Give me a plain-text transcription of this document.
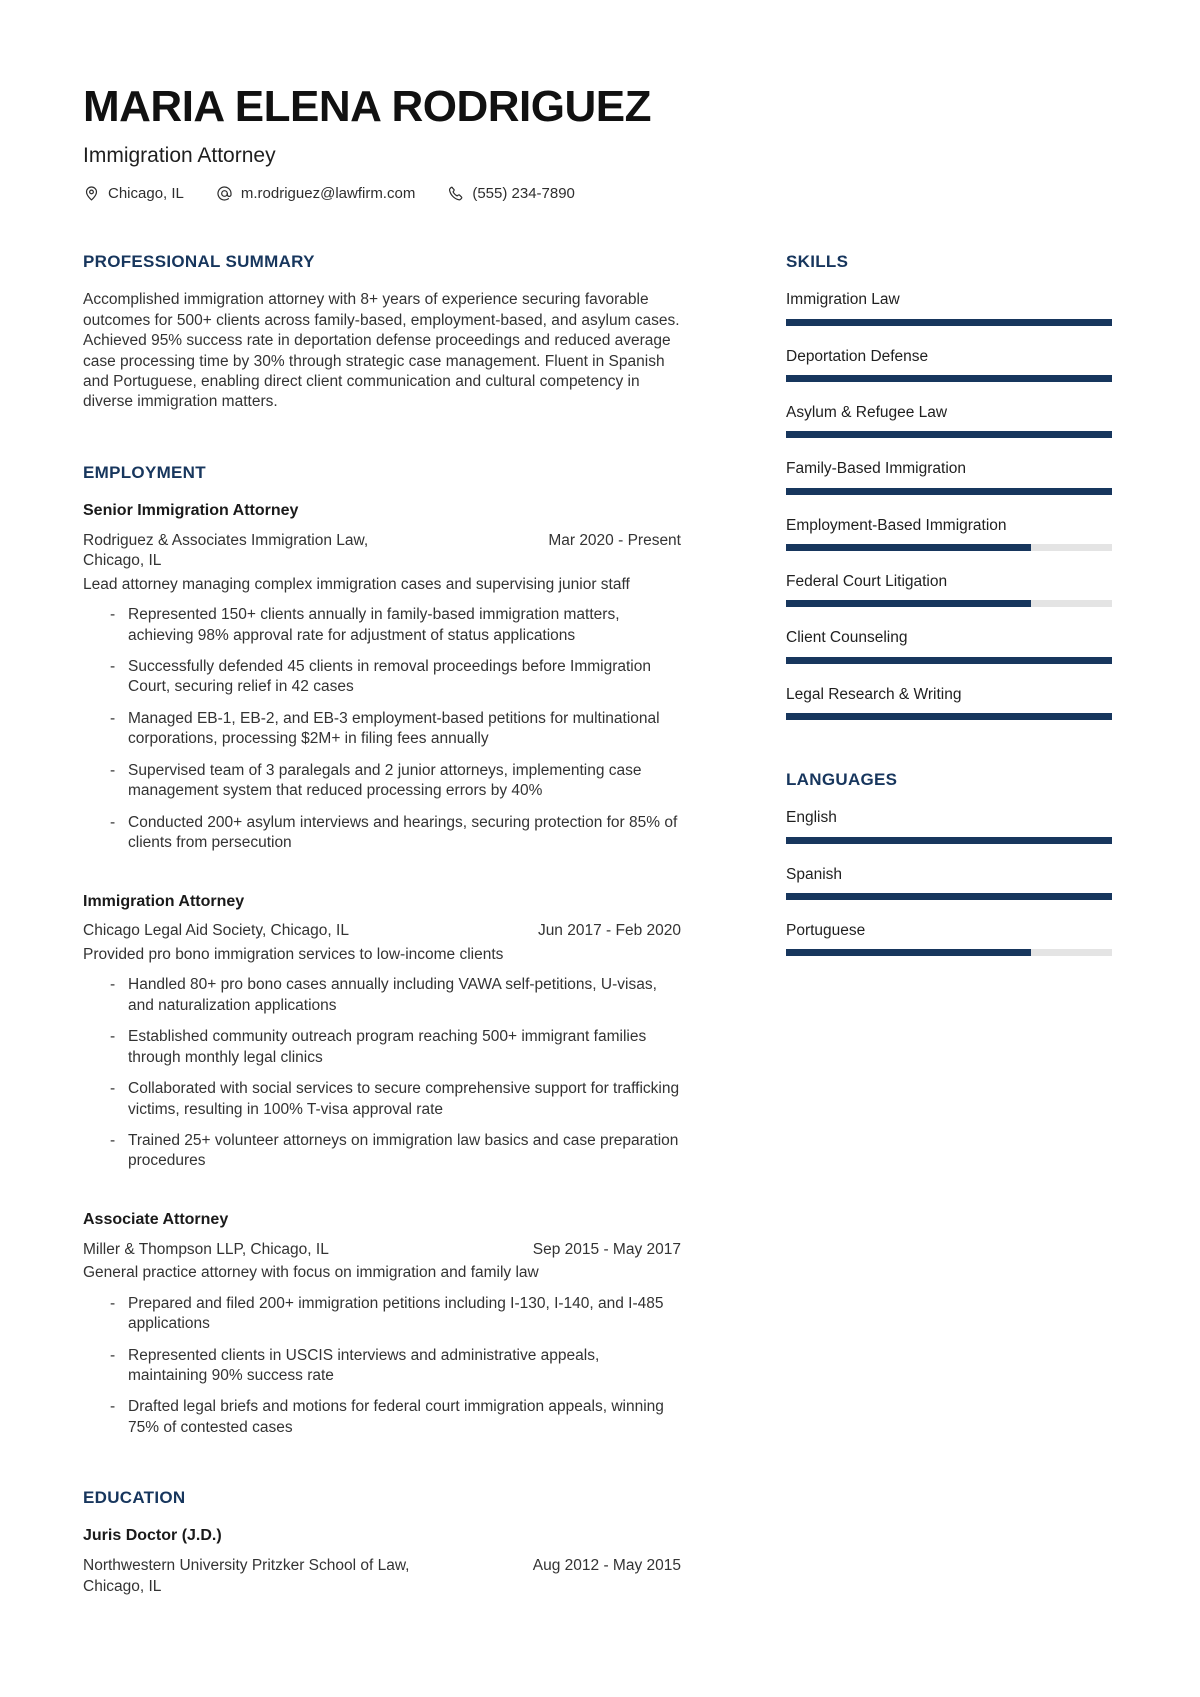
MARIA ELENA RODRIGUEZ
Immigration Attorney
Chicago, IL	m.rodriguez@lawfirm.com	(555) 234-7890
PROFESSIONAL SUMMARY

Accomplished immigration attorney with 8+ years of experience securing favorable outcomes for 500+ clients across family-based, employment-based, and asylum cases. Achieved 95% success rate in deportation defense proceedings and reduced average case processing time by 30% through strategic case management. Fluent in Spanish and Portuguese, enabling direct client communication and cultural competency in diverse immigration matters.

EMPLOYMENT
Senior Immigration Attorney
Rodriguez & Associates Immigration Law, Chicago, IL
Mar 2020 - Present

Lead attorney managing complex immigration cases and supervising junior staff

- Represented 150+ clients annually in family-based immigration matters, achieving 98% approval rate for adjustment of status applications
- Successfully defended 45 clients in removal proceedings before Immigration Court, securing relief in 42 cases
- Managed EB-1, EB-2, and EB-3 employment-based petitions for multinational corporations, processing $2M+ in filing fees annually
- Supervised team of 3 paralegals and 2 junior attorneys, implementing case management system that reduced processing errors by 40%
- Conducted 200+ asylum interviews and hearings, securing protection for 85% of clients from persecution
Immigration Attorney
Chicago Legal Aid Society, Chicago, IL	Jun 2017 - Feb 2020

Provided pro bono immigration services to low-income clients

- Handled 80+ pro bono cases annually including VAWA self-petitions, U-visas, and naturalization applications
- Established community outreach program reaching 500+ immigrant families through monthly legal clinics
- Collaborated with social services to secure comprehensive support for trafficking victims, resulting in 100% T-visa approval rate
- Trained 25+ volunteer attorneys on immigration law basics and case preparation procedures
Associate Attorney
Miller & Thompson LLP, Chicago, IL	Sep 2015 - May 2017

General practice attorney with focus on immigration and family law

- Prepared and filed 200+ immigration petitions including I-130, I-140, and I-485 applications
- Represented clients in USCIS interviews and administrative appeals, maintaining 90% success rate
- Drafted legal briefs and motions for federal court immigration appeals, winning 75% of contested cases
EDUCATION
Juris Doctor (J.D.)
Northwestern University Pritzker School of Law, Chicago, IL
Aug 2012 - May 2015
SKILLS
Immigration Law
Deportation Defense
Asylum & Refugee Law
Family-Based Immigration
Employment-Based Immigration
Federal Court Litigation
Client Counseling
Legal Research & Writing
LANGUAGES
English
Spanish
Portuguese
